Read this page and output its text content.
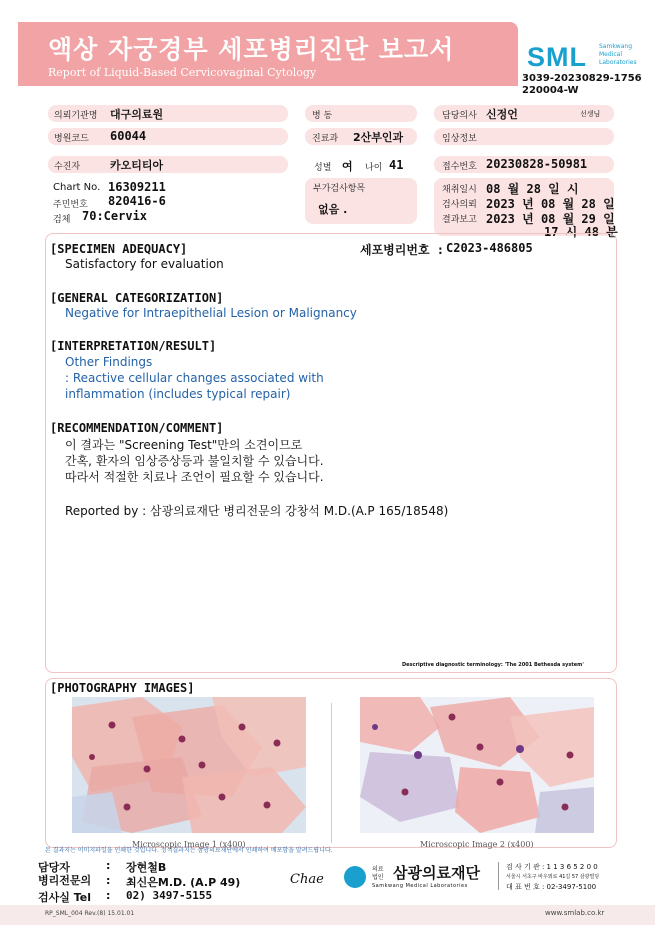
액상 자궁경부 세포병리진단 보고서
Report of Liquid-Based Cervicovaginal Cytology
SML Samkwang
Medical
Laboratories
3039-20230829-1756
220004-W
의뢰기관명 대구의료원	병 동	담당의사 신정언	선생님
병원코드 60044	진료과 2산부인과	임상정보
수진자	카오티티아	성별 여 나이 41	접수번호 20230828-50981
Chart No. 16309211
주민번호 820416-6
검체 70:Cervix
부가검사항목
없음 .
채취일시 08 월 28 일 시
검사의뢰 2023 년 08 월 28 일
결과보고 2023 년 08 월 29 일
17 시 48 분
세포병리번호 : C2023-486805
[SPECIMEN ADEQUACY]
Satisfactory for evaluation
[GENERAL CATEGORIZATION]
Negative for Intraepithelial Lesion or Malignancy
[INTERPRETATION/RESULT]
Other Findings
: Reactive cellular changes associated with
inflammation (includes typical repair)
[RECOMMENDATION/COMMENT]
이 결과는 "Screening Test"만의 소견이므로
간혹, 환자의 임상증상등과 불일치할 수 있습니다.
따라서 적절한 치료나 조언이 필요할 수 있습니다.
Reported by : 삼광의료재단 병리전문의 강창석 M.D.(A.P 165/18548)
Descriptive diagnostic terminology: 'The 2001 Bethesda system'
[PHOTOGRAPHY IMAGES]
Microscopic Image 1 (x400)	Microscopic Image 2 (x400)
본 결과지는 이미지파일을 인쇄한 것입니다. 정식결과지는 삼광의료재단에서 인쇄하여 배포함을 알려드립니다.
담당자	: 장현철B
병리전문의 : 최신은M.D. (A.P 49)
검사실 Tel : 02) 3497-5155
Chae
의료
법인 삼광의료재단
Samkwang Medical Laboratories
검 사 기 관 : 1 1 3 6 5 2 0 0
서울시 서초구 바우뫼로 41길 57 삼광빌딩
대 표 번 호 : 02-3497-5100
RP_SML_004 Rev.(8) 15.01.01	www.smlab.co.kr
